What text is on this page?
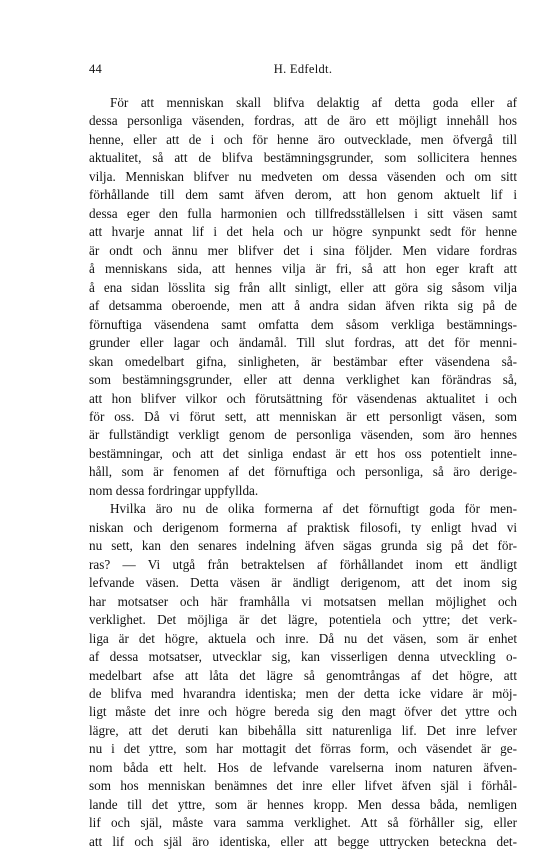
44	H. Edfeldt.
För att menniskan skall blifva delaktig af detta goda eller af
dessa personliga väsenden, fordras, att de äro ett möjligt innehåll hos
henne, eller att de i och för henne äro outvecklade, men öfvergå till
aktualitet, så att de blifva bestämningsgrunder, som sollicitera hennes
vilja. Menniskan blifver nu medveten om dessa väsenden och om sitt
förhållande till dem samt äfven derom, att hon genom aktuelt lif i
dessa eger den fulla harmonien och tillfredsställelsen i sitt väsen samt
att hvarje annat lif i det hela och ur högre synpunkt sedt för henne
är ondt och ännu mer blifver det i sina följder. Men vidare fordras
å menniskans sida, att hennes vilja är fri, så att hon eger kraft att
å ena sidan lösslita sig från allt sinligt, eller att göra sig såsom vilja
af detsamma oberoende, men att å andra sidan äfven rikta sig på de
förnuftiga väsendena samt omfatta dem såsom verkliga bestämnings-
grunder eller lagar och ändamål. Till slut fordras, att det för menni-
skan omedelbart gifna, sinligheten, är bestämbar efter väsendena så-
som bestämningsgrunder, eller att denna verklighet kan förändras så,
att hon blifver vilkor och förutsättning för väsendenas aktualitet i och
för oss. Då vi förut sett, att menniskan är ett personligt väsen, som
är fullständigt verkligt genom de personliga väsenden, som äro hennes
bestämningar, och att det sinliga endast är ett hos oss potentielt inne-
håll, som är fenomen af det förnuftiga och personliga, så äro derige-
nom dessa fordringar uppfyllda.
Hvilka äro nu de olika formerna af det förnuftigt goda för men-
niskan och derigenom formerna af praktisk filosofi, ty enligt hvad vi
nu sett, kan den senares indelning äfven sägas grunda sig på det för-
ras? — Vi utgå från betraktelsen af förhållandet inom ett ändligt
lefvande väsen. Detta väsen är ändligt derigenom, att det inom sig
har motsatser och här framhålla vi motsatsen mellan möjlighet och
verklighet. Det möjliga är det lägre, potentiela och yttre; det verk-
liga är det högre, aktuela och inre. Då nu det väsen, som är enhet
af dessa motsatser, utvecklar sig, kan visserligen denna utveckling o-
medelbart afse att låta det lägre så genomtrångas af det högre, att
de blifva med hvarandra identiska; men der detta icke vidare är möj-
ligt måste det inre och högre bereda sig den magt öfver det yttre och
lägre, att det deruti kan bibehålla sitt naturenliga lif. Det inre lefver
nu i det yttre, som har mottagit det förras form, och väsendet är ge-
nom båda ett helt. Hos de lefvande varelserna inom naturen äfven-
som hos menniskan benämnes det inre eller lifvet äfven själ i förhål-
lande till det yttre, som är hennes kropp. Men dessa båda, nemligen
lif och själ, måste vara samma verklighet. Att så förhåller sig, eller
att lif och själ äro identiska, eller att begge uttrycken beteckna det-
